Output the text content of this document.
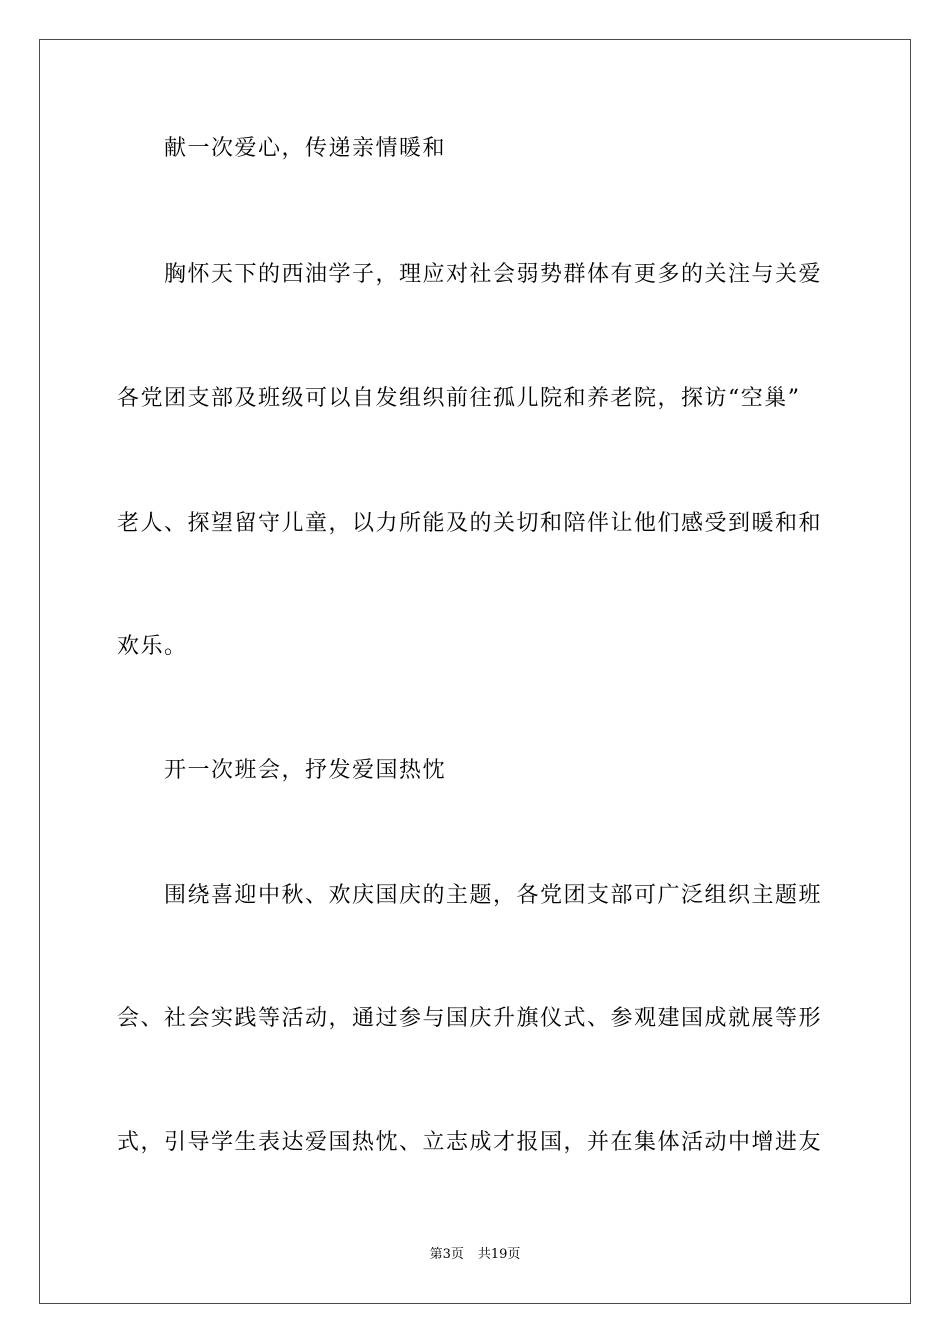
献一次爱心，传递亲情暖和
胸怀天下的西油学子，理应对社会弱势群体有更多的关注与关爱
各党团支部及班级可以自发组织前往孤儿院和养老院，探访“空巢”
老人、探望留守儿童，以力所能及的关切和陪伴让他们感受到暖和和
欢乐。
开一次班会，抒发爱国热忱
围绕喜迎中秋、欢庆国庆的主题，各党团支部可广泛组织主题班
会、社会实践等活动，通过参与国庆升旗仪式、参观建国成就展等形
式，引导学生表达爱国热忱、立志成才报国，并在集体活动中增进友
第3页 共19页
